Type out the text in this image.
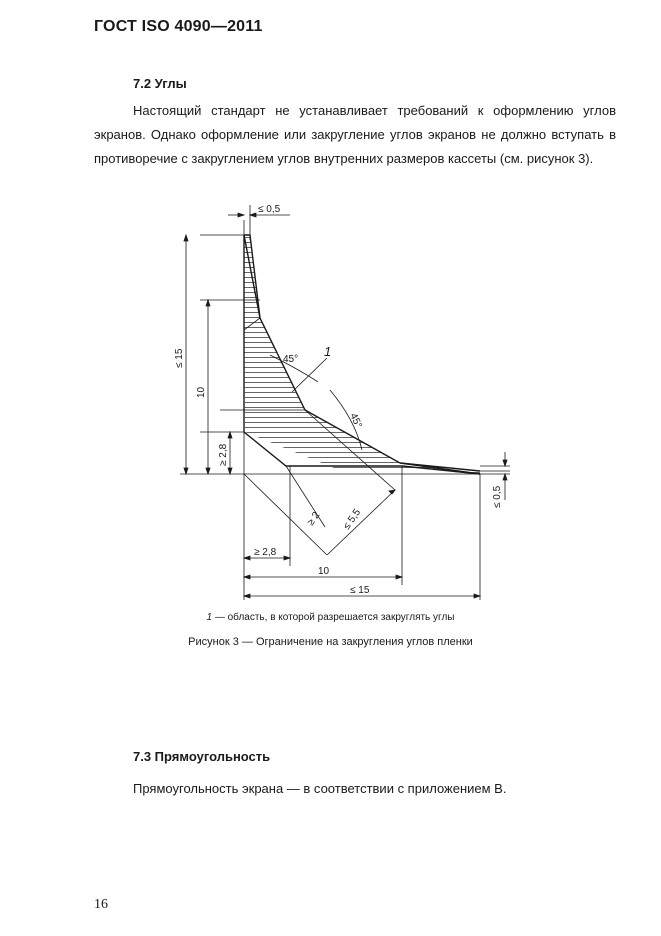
ГОСТ ISO 4090—2011
7.2 Углы
Настоящий стандарт не устанавливает требований к оформлению углов экранов. Однако оформление или закругление углов экранов не должно вступать в противоречие с закруглением углов внутренних размеров кассеты (см. рисунок 3).
≤ 0,5
≤ 15
10
≥ 2,8
≥ 2,8
10
≤ 15
≤ 0,5
≥ 2 ≤ 5,5
45°
45°
1
1 — область, в которой разрешается закруглять углы
Рисунок 3 — Ограничение на закругления углов пленки
7.3 Прямоугольность
Прямоугольность экрана — в соответствии с приложением В.
16
